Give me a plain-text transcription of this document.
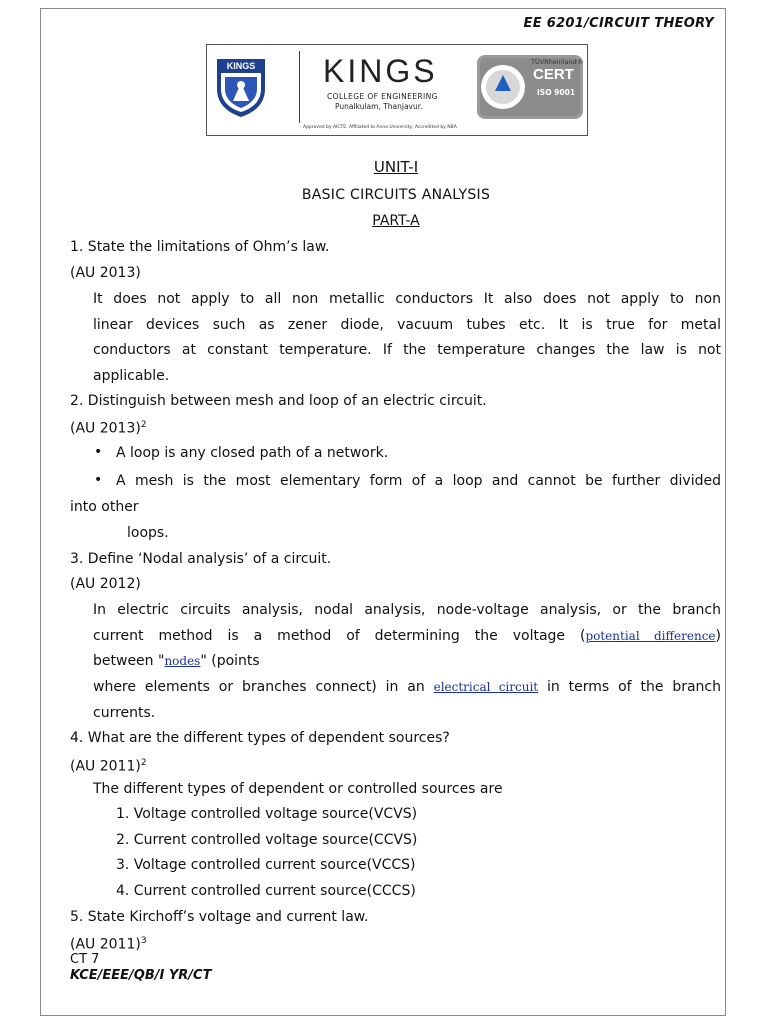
EE 6201/CIRCUIT THEORY
KINGS KINGS
COLLEGE OF ENGINEERING
Punalkulam, Thanjavur.
Approved by AICTE, Affiliated to Anna University, Accredited by NBA
TÜVRheinland®
CERT
ISO 9001
UNIT-I
BASIC CIRCUITS ANALYSIS
PART-A
1. State the limitations of Ohm’s law.
(AU 2013)
It does not apply to all non metallic conductors It also does not apply to non
linear devices such as zener diode, vacuum tubes etc. It is true for metal
conductors at constant temperature. If the temperature changes the law is not
applicable.
2. Distinguish between mesh and loop of an electric circuit.
(AU 2013)$^2$
• A loop is any closed path of a network.
• A mesh is the most elementary form of a loop and cannot be further divided
into other
loops.
3. Define ‘Nodal analysis’ of a circuit.
(AU 2012)
In electric circuits analysis, nodal analysis, node-voltage analysis, or the branch
current method is a method of determining the voltage (potential difference)
between "nodes" (points
where elements or branches connect) in an electrical circuit in terms of the branch
currents.
4. What are the different types of dependent sources?
(AU 2011)$^2$
The different types of dependent or controlled sources are
1. Voltage controlled voltage source(VCVS)
2. Current controlled voltage source(CCVS)
3. Voltage controlled current source(VCCS)
4. Current controlled current source(CCCS)
5. State Kirchoff’s voltage and current law.
(AU 2011)$^3$
CT 7
KCE/EEE/QB/I YR/CT
